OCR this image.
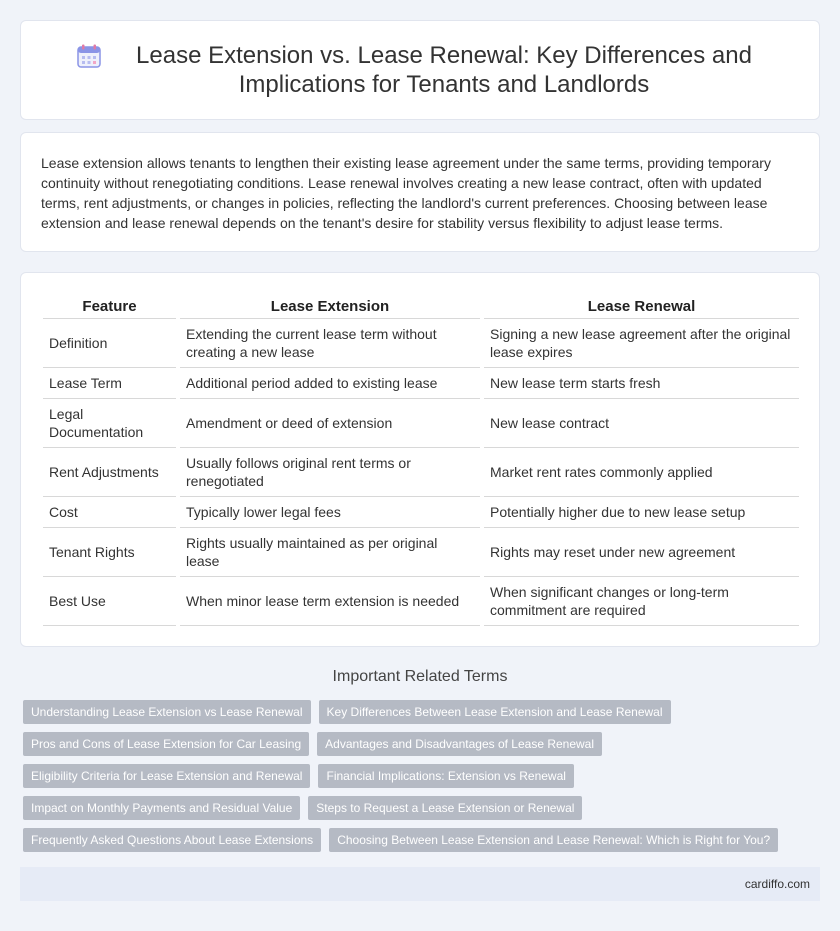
Lease Extension vs. Lease Renewal: Key Differences and Implications for Tenants and Landlords

Lease extension allows tenants to lengthen their existing lease agreement under the same terms, providing temporary continuity without renegotiating conditions. Lease renewal involves creating a new lease contract, often with updated terms, rent adjustments, or changes in policies, reflecting the landlord's current preferences. Choosing between lease extension and lease renewal depends on the tenant's desire for stability versus flexibility to adjust lease terms.

Feature	Lease Extension	Lease Renewal
Definition	Extending the current lease term without creating a new lease	Signing a new lease agreement after the original lease expires
Lease Term	Additional period added to existing lease	New lease term starts fresh
Legal Documentation	Amendment or deed of extension	New lease contract
Rent Adjustments	Usually follows original rent terms or renegotiated	Market rent rates commonly applied
Cost	Typically lower legal fees	Potentially higher due to new lease setup
Tenant Rights	Rights usually maintained as per original lease	Rights may reset under new agreement
Best Use	When minor lease term extension is needed	When significant changes or long-term commitment are required
Important Related Terms
Understanding Lease Extension vs Lease Renewal	Key Differences Between Lease Extension and Lease Renewal
Pros and Cons of Lease Extension for Car Leasing	Advantages and Disadvantages of Lease Renewal
Eligibility Criteria for Lease Extension and Renewal	Financial Implications: Extension vs Renewal
Impact on Monthly Payments and Residual Value	Steps to Request a Lease Extension or Renewal
Frequently Asked Questions About Lease Extensions	Choosing Between Lease Extension and Lease Renewal: Which is Right for You?
cardiffo.com
